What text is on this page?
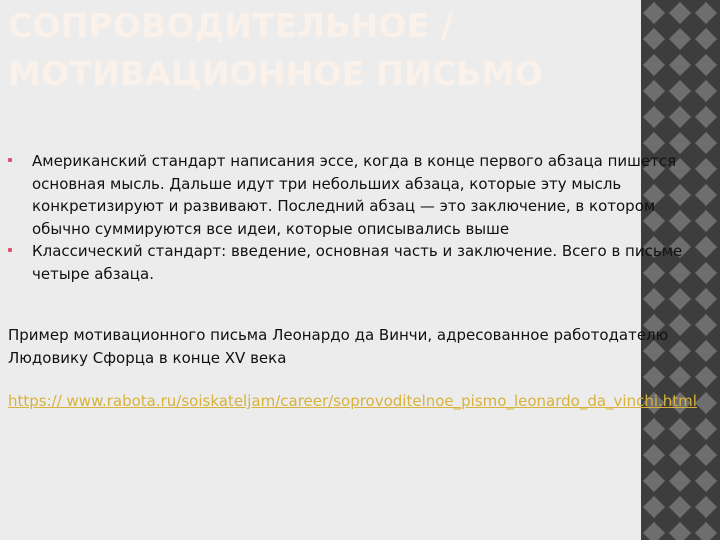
СОПРОВОДИТЕЛЬНОЕ / МОТИВАЦИОННОЕ ПИСЬМО
Американский стандарт написания эссе, когда в конце первого абзаца пишется основная мысль. Дальше идут три небольших абзаца, которые эту мысль конкретизируют и развивают. Последний абзац — это заключение, в котором обычно суммируются все идеи, которые описывались выше
Классический стандарт: введение, основная часть и заключение. Всего в письме четыре абзаца.

Пример мотивационного письма Леонардо да Винчи, адресованное работодателю Людовику Сфорца в конце XV века

https:// www.rabota.ru/soiskateljam/career/soprovoditelnoe_pismo_leonardo_da_vinchi.html
